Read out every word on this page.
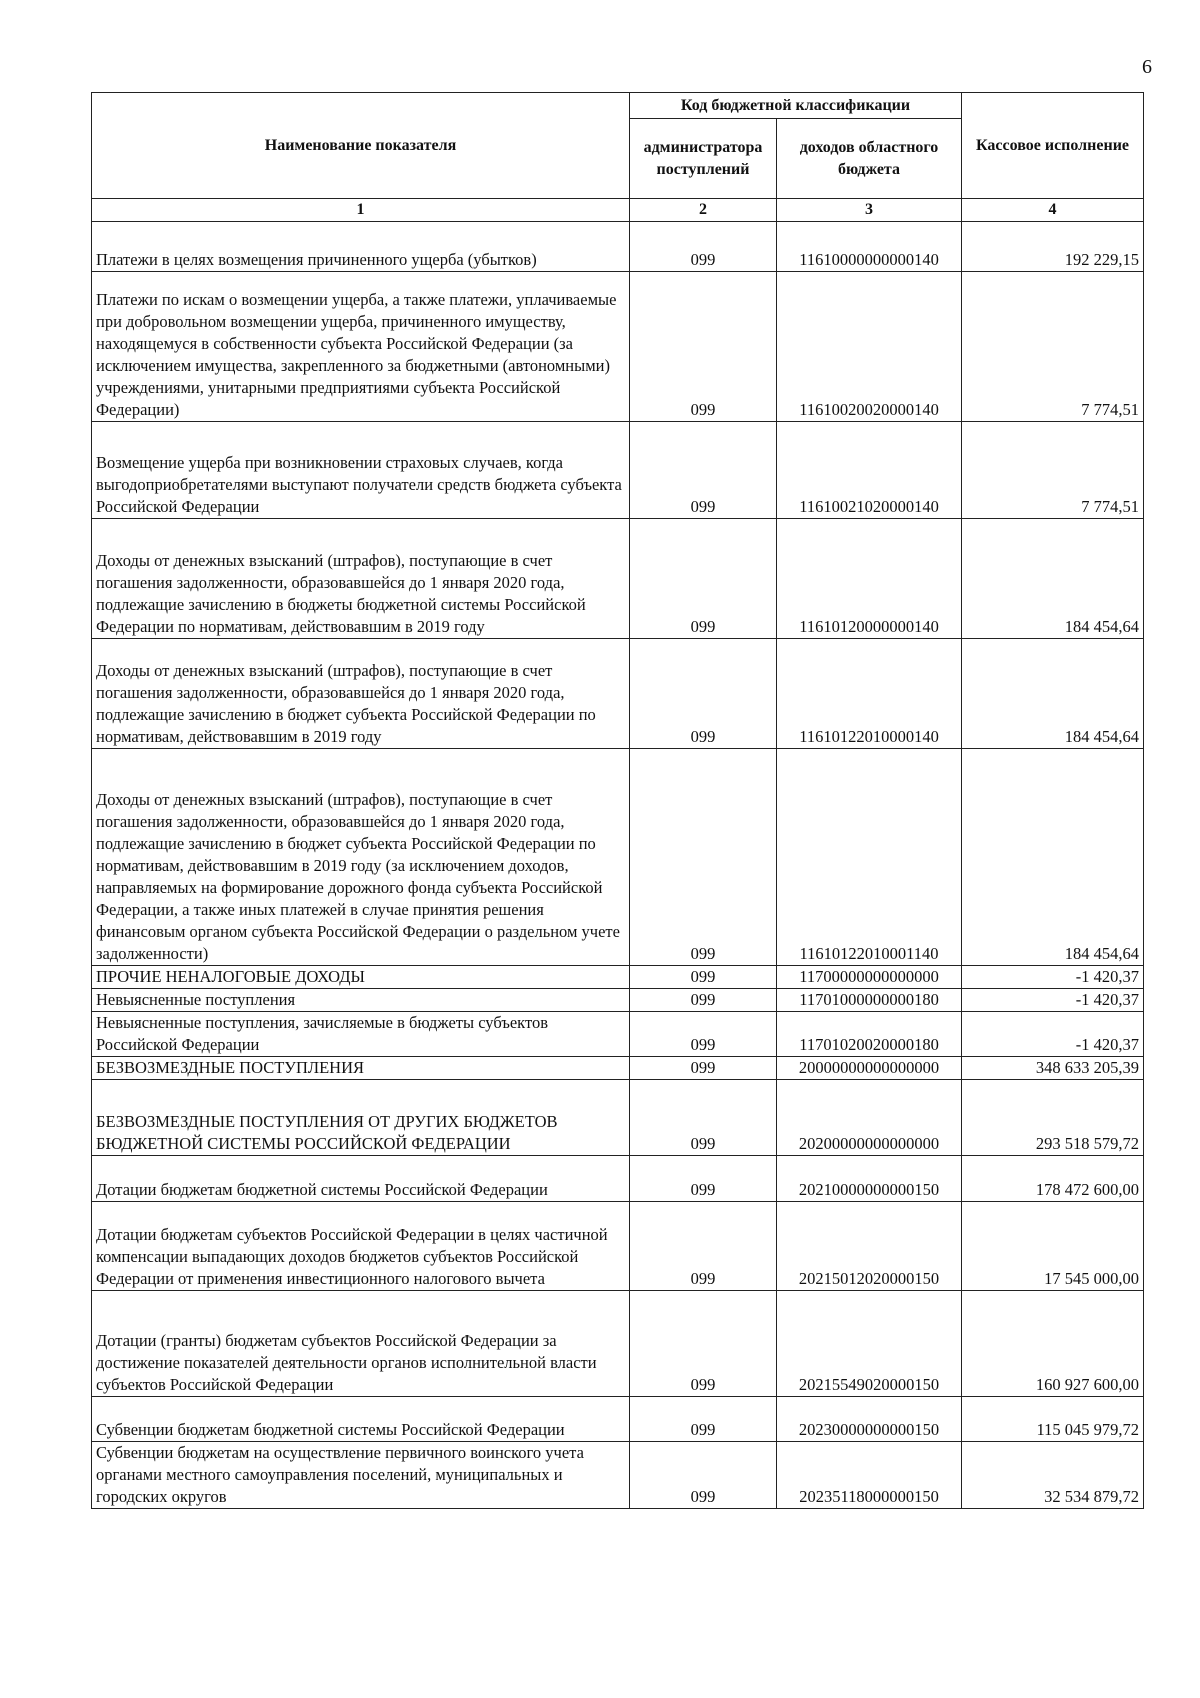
6
Наименование показателя	Код бюджетной классификации		Кассовое исполнение
	администратора поступлений	доходов областного бюджета	
1	2	3	4
Платежи в целях возмещения причиненного ущерба (убытков)	099	11610000000000140	192 229,15
Платежи по искам о возмещении ущерба, а также платежи, уплачиваемые при добровольном возмещении ущерба, причиненного имуществу, находящемуся в собственности субъекта Российской Федерации (за исключением имущества, закрепленного за бюджетными (автономными) учреждениями, унитарными предприятиями субъекта Российской Федерации)	099	11610020020000140	7 774,51
Возмещение ущерба при возникновении страховых случаев, когда выгодоприобретателями выступают получатели средств бюджета субъекта Российской Федерации	099	11610021020000140	7 774,51
Доходы от денежных взысканий (штрафов), поступающие в счет погашения задолженности, образовавшейся до 1 января 2020 года, подлежащие зачислению в бюджеты бюджетной системы Российской Федерации по нормативам, действовавшим в 2019 году	099	11610120000000140	184 454,64
Доходы от денежных взысканий (штрафов), поступающие в счет погашения задолженности, образовавшейся до 1 января 2020 года, подлежащие зачислению в бюджет субъекта Российской Федерации по нормативам, действовавшим в 2019 году	099	11610122010000140	184 454,64
Доходы от денежных взысканий (штрафов), поступающие в счет погашения задолженности, образовавшейся до 1 января 2020 года, подлежащие зачислению в бюджет субъекта Российской Федерации по нормативам, действовавшим в 2019 году (за исключением доходов, направляемых на формирование дорожного фонда субъекта Российской Федерации, а также иных платежей в случае принятия решения финансовым органом субъекта Российской Федерации о раздельном учете задолженности)	099	11610122010001140	184 454,64
ПРОЧИЕ НЕНАЛОГОВЫЕ ДОХОДЫ	099	11700000000000000	-1 420,37
Невыясненные поступления	099	11701000000000180	-1 420,37
Невыясненные поступления, зачисляемые в бюджеты субъектов Российской Федерации	099	11701020020000180	-1 420,37
БЕЗВОЗМЕЗДНЫЕ ПОСТУПЛЕНИЯ	099	20000000000000000	348 633 205,39
БЕЗВОЗМЕЗДНЫЕ ПОСТУПЛЕНИЯ ОТ ДРУГИХ БЮДЖЕТОВ БЮДЖЕТНОЙ СИСТЕМЫ РОССИЙСКОЙ ФЕДЕРАЦИИ	099	20200000000000000	293 518 579,72
Дотации бюджетам бюджетной системы Российской Федерации	099	20210000000000150	178 472 600,00
Дотации бюджетам субъектов Российской Федерации в целях частичной компенсации выпадающих доходов бюджетов субъектов Российской Федерации от применения инвестиционного налогового вычета	099	20215012020000150	17 545 000,00
Дотации (гранты) бюджетам субъектов Российской Федерации за достижение показателей деятельности органов исполнительной власти субъектов Российской Федерации	099	20215549020000150	160 927 600,00
Субвенции бюджетам бюджетной системы Российской Федерации	099	20230000000000150	115 045 979,72
Субвенции бюджетам на осуществление первичного воинского учета органами местного самоуправления поселений, муниципальных и городских округов	099	20235118000000150	32 534 879,72
